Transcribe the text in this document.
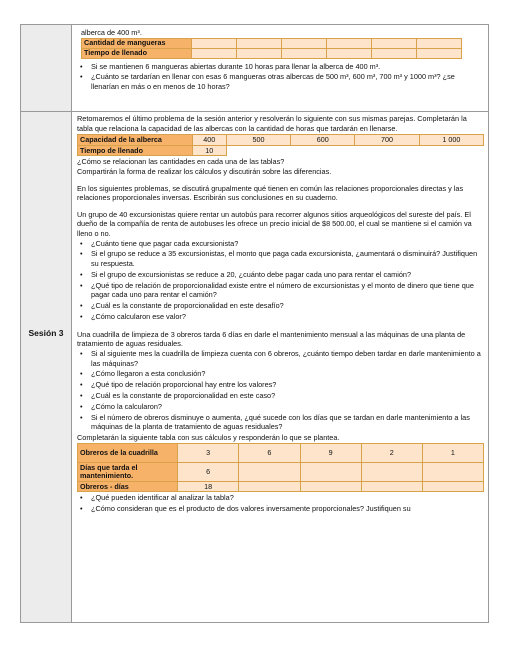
Sesión 3

alberca de 400 m³.

Cantidad de mangueras						
Tiempo de llenado						
• Si se mantienen 6 mangueras abiertas durante 10 horas para llenar la alberca de 400 m³.
• ¿Cuánto se tardarían en llenar con esas 6 mangueras otras albercas de 500 m³, 600 m³, 700 m³ y 1000 m³? ¿se llenarían en más o en menos de 10 horas?

Retomaremos el último problema de la sesión anterior y resolverán lo siguiente con sus mismas parejas. Completarán la tabla que relaciona la capacidad de las albercas con la cantidad de horas que tardarán en llenarse.

Capacidad de la alberca	400	500	600	700	1 000
Tiempo de llenado	10				

¿Cómo se relacionan las cantidades en cada una de las tablas?

Compartirán la forma de realizar los cálculos y discutirán sobre las diferencias.

En los siguientes problemas, se discutirá grupalmente qué tienen en común las relaciones proporcionales directas y las relaciones proporcionales inversas. Escribirán sus conclusiones en su cuaderno.

Un grupo de 40 excursionistas quiere rentar un autobús para recorrer algunos sitios arqueológicos del sureste del país. El dueño de la compañía de renta de autobuses les ofrece un precio inicial de $8 500.00, el cual se mantiene si el camión va lleno o no.

• ¿Cuánto tiene que pagar cada excursionista?
• Si el grupo se reduce a 35 excursionistas, el monto que paga cada excursionista, ¿aumentará o disminuirá? Justifiquen su respuesta.
• Si el grupo de excursionistas se reduce a 20, ¿cuánto debe pagar cada uno para rentar el camión?
• ¿Qué tipo de relación de proporcionalidad existe entre el número de excursionistas y el monto de dinero que tiene que pagar cada uno para rentar el camión?
• ¿Cuál es la constante de proporcionalidad en este desafío?
• ¿Cómo calcularon ese valor?

Una cuadrilla de limpieza de 3 obreros tarda 6 días en darle el mantenimiento mensual a las máquinas de una planta de tratamiento de aguas residuales.

• Si al siguiente mes la cuadrilla de limpieza cuenta con 6 obreros, ¿cuánto tiempo deben tardar en darle mantenimiento a las máquinas?
• ¿Cómo llegaron a esta conclusión?
• ¿Qué tipo de relación proporcional hay entre los valores?
• ¿Cuál es la constante de proporcionalidad en este caso?
• ¿Cómo la calcularon?
• Si el número de obreros disminuye o aumenta, ¿qué sucede con los días que se tardan en darle mantenimiento a las máquinas de la planta de tratamiento de aguas residuales?

Completarán la siguiente tabla con sus cálculos y responderán lo que se plantea.

Obreros de la cuadrilla	3	6	9	2	1
Días que tarda el mantenimiento.	6				
Obreros - días	18				
• ¿Qué pueden identificar al analizar la tabla?
• ¿Cómo consideran que es el producto de dos valores inversamente proporcionales? Justifiquen su
